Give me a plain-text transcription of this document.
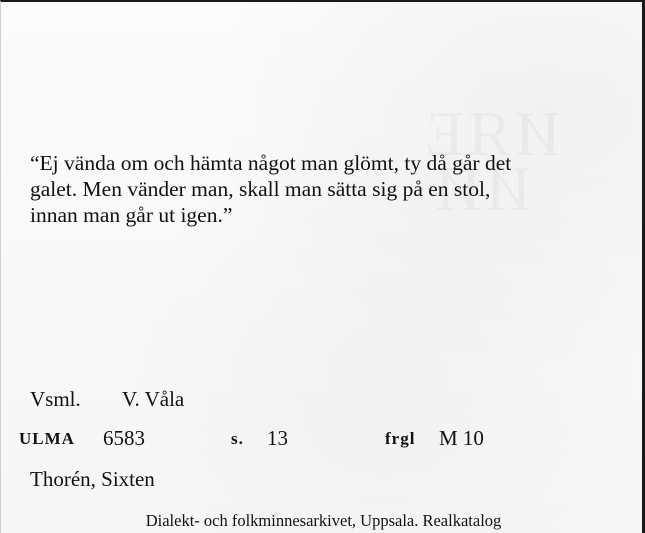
“Ej vända om och hämta något man glömt, ty då går det
galet. Men vänder man, skall man sätta sig på en stol,
innan man går ut igen.”
Vsml. V. Våla
ULMA 6583	s. 13	frgl M 10
Thorén, Sixten
Dialekt- och folkminnesarkivet, Uppsala. Realkatalog
